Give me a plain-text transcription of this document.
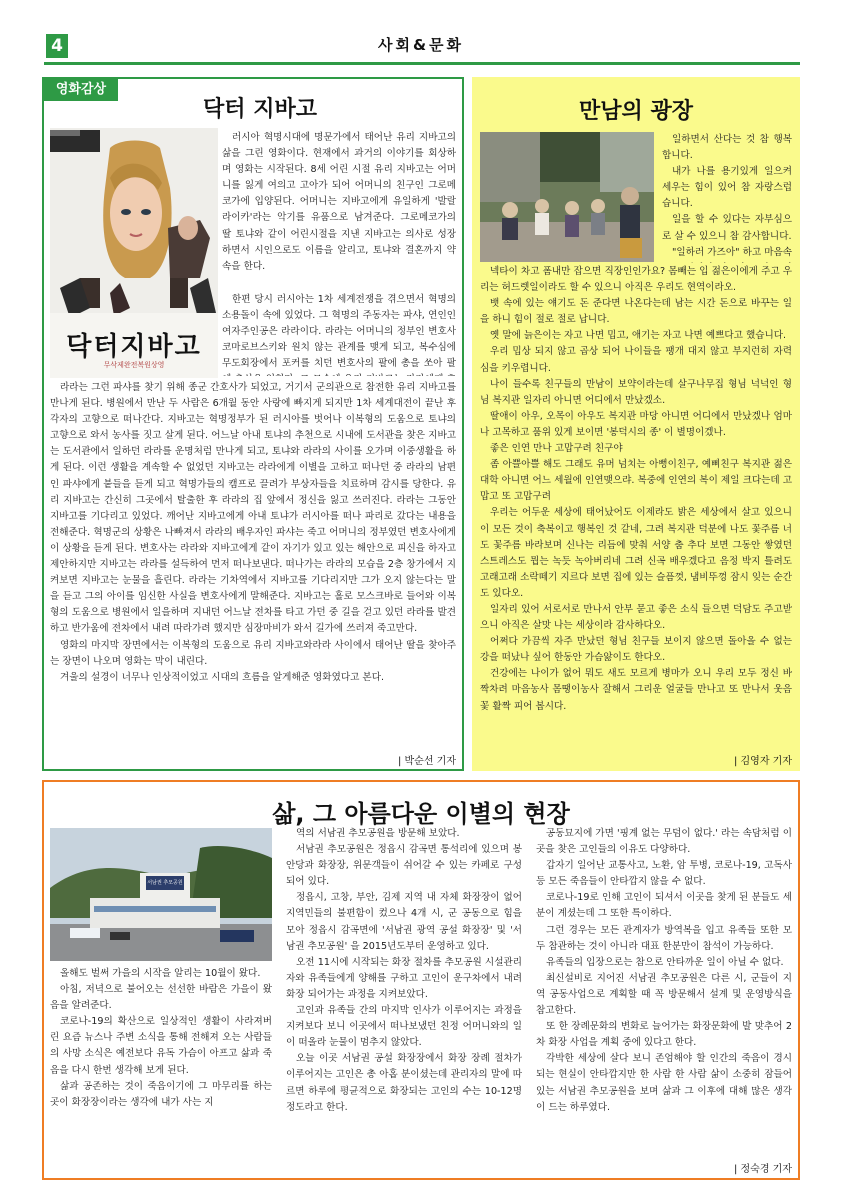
4	사회&문화
영화감상
닥터 지바고
닥터지바고
무삭제완전복원상영

러시아 혁명시대에 명문가에서 태어난 유리 지바고의 삶을 그린 영화이다. 현재에서 과거의 이야기를 회상하며 영화는 시작된다. 8세 어린 시절 유리 지바고는 어머니를 잃게 여의고 고아가 되어 어머니의 친구인 그로메코가에 입양된다. 어머니는 지바고에게 유일하게 '발랄라이카'라는 악기를 유품으로 남겨준다. 그로메코가의 딸 토냐와 같이 어린시절을 지낸 지바고는 의사로 성장하면서 시인으로도 이름을 알리고, 토냐와 결혼까지 약속을 한다.

한편 당시 러시아는 1차 세계전쟁을 겪으면서 혁명의 소용돌이 속에 있었다. 그 혁명의 주동자는 파샤, 연인인 여자주인공은 라라이다. 라라는 어머니의 정부인 변호사 코마로브스키와 원치 않는 관계를 맺게 되고, 복수심에 무도회장에서 포커를 치던 변호사의 팔에 총을 쏘아 팔

라라는 그런 파샤를 찾기 위해 종군 간호사가 되었고, 거기서 군의관으로 참전한 유리 지바고를 만나게 된다. 병원에서 만난 두 사람은 6개월 동안 사랑에 빠지게 되지만 1차 세계대전이 끝난 후 각자의 고향으로 떠나간다. 지바고는 혁명정부가 된 러시아를 벗어나 이복형의 도움으로 토냐의 고향으로 와서 농사를 짓고 살게 된다. 어느날 아내 토냐의 추천으로 시내에 도서관을 찾은 지바고는 도서관에서 일하던 라라를 운명처럼 만나게 되고, 토냐와 라라의 사이를 오가며 이중생활을 하게 된다. 이런 생활을 계속할 수 없었던 지바고는 라라에게 이별을 고하고 떠나던 중 라라의 남편인 파샤에게 붙들을 듣게 되고 혁명가들의 캠프로 끌려가 부상자들을 치료하며 감시를 당한다. 유리 지바고는 간신히 그곳에서 탈출한 후 라라의 집 앞에서 정신을 잃고 쓰러진다. 라라는 그동안 지바고를 기다리고 있었다. 깨어난 지바고에게 아내 토냐가 러시아를 떠나 파리로 갔다는 내용을 전해준다. 혁명군의 상황은 나빠져서 라라의 배우자인 파샤는 죽고 어머니의 정부였던 변호사에게 이 상황을 듣게 된다. 변호사는 라라와 지바고에게 같이 자기가 있고 있는 해안으로 피신을 하자고 제안하지만 지바고는 라라를 설득하여 먼저 떠나보낸다. 떠나가는 라라의 모습을 2층 창가에서 지켜보면 지바고는 눈물을 흘린다. 라라는 기차역에서 지바고를 기다리지만 그가 오지 않는다는 말을 듣고 그의 아이를 임신한 사실을 변호사에게 말해준다. 지바고는 홀로 모스크바로 들어와 이복형의 도움으로 병원에서 일을하며 지내던 어느날 전차를 타고 가던 중 길을 걷고 있던 라라를 발견하고 반가움에 전차에서 내려 따라가려 했지만 심장마비가 와서 길가에 쓰러져 죽고만다.

영화의 마지막 장면에서는 이복형의 도움으로 유리 지바고와라라 사이에서 태어난 딸을 찾아주는 장면이 나오며 영화는 막이 내린다.

겨울의 설경이 너무나 인상적이었고 시대의 흐름을 알게해준 영화였다고 본다.

| 박순선 기자
만남의 광장

일하면서 산다는 것 참 행복합니다.

내가 나를 용기있게 일으켜 세우는 힘이 있어 참 자랑스럽습니다.

일을 할 수 있다는 자부심으로 살 수 있으니 참 감사합니다.

"일하러 가즈아" 하고 마음속

넥타이 차고 폼내만 잡으면 직장인인가요? 몸빼는 입 젊은이에게 주고 우리는 허드렛일이라도 할 수 있으니 아직은 우리도 현역이라오.

뱃 속에 있는 얘기도 돈 준다면 나온다는데 남는 시간 돈으로 바꾸는 일을 하니 힘이 절로 절로 납니다.

옛 말에 늙은이는 자고 나면 밉고, 애기는 자고 나면 예쁘다고 했습니다.

우리 밉상 되지 않고 곱상 되어 나이들을 팽개 대지 않고 부지런히 자력심을 키우렵니다.

나이 들수록 친구들의 만남이 보약이라는데 살구나무집 형님 넉넉인 형님 복지관 일자리 아니면 어디에서 만났겠소.

딸애이 아우, 오목이 아우도 복지관 마당 아니면 어디에서 만났겠나 엄마나 고목하고 품위 있게 보이면 '봉덕시의 종' 이 별명이겠나.

좋은 인연 만나 고맙구려 친구야

좀 아쁠아쁠 해도 그래도 유머 넘치는 아뻥이친구, 예삐친구 복지관 젊은 대학 아니면 어느 세월에 인연맺으랴. 복중에 인연의 복이 제일 크다는데 고맙고 또 고맙구려

우리는 어두운 세상에 태어났어도 이제라도 밝은 세상에서 살고 있으니 이 모든 것이 축복이고 행복인 것 같네, 그려 복지관 덕분에 나도 꽃주름 너도 꽃주름 바라보며 신나는 리듬에 맞춰 서양 춤 추다 보면 그동안 쌓였던 스트레스도 뭡는 녹듯 녹아버리네 그려 신곡 배우겠다고 음정 박지 틀려도 고래고래 소락떼기 지르다 보면 집에 있는 슬픔껏, 냄비뚜껑 잠시 잊는 순간도 있다오.

일자리 있어 서로서로 만나서 안부 묻고 좋은 소식 들으면 덕담도 주고받으니 아직은 살맛 나는 세상이라 감사하다오.

어쩌다 가끔씩 자주 만났던 형님 친구들 보이지 않으면 돌아올 수 없는 강을 떠났나 싶어 한동안 가슴앓이도 한다오.

건강에는 나이가 없어 뭐도 새도 모르게 병마가 오니 우리 모두 정신 바짝차려 마음농사 몸땡이농사 잘해서 그리운 얼굴들 만나고 또 만나서 웃음꽃 활짝 피어 봅시다.

| 김영자 기자
삶, 그 아름다운 이별의 현장
서남권 추모공원

올해도 벌써 가을의 시작을 알리는 10월이 왔다.

아침, 저녁으로 불어오는 선선한 바람은 가을이 왔음을 알려준다.

코로나-19의 확산으로 일상적인 생활이 사라져버린 요즘 뉴스나 주변 소식을 통해 전해져 오는 사람들의 사망 소식은 예전보다 유독 가슴이 아프고 삶과 죽음을 다시 한번 생각해 보게 된다.

삶과 공존하는 것이 죽음이기에 그 마무리를 하는 곳이 화장장이라는 생각에 내가 사는 지

역의 서남권 추모공원을 방문해 보았다.

서남권 추모공원은 정읍시 감곡면 통석리에 있으며 봉안당과 화장장, 위문객들이 쉬어갈 수 있는 카페로 구성되어 있다.

정읍시, 고창, 부안, 김제 지역 내 자체 화장장이 없어 지역민들의 불편함이 컸으나 4개 시, 군 공동으로 힘을 모아 정읍시 감곡면에 '서남권 광역 공설 화장장' 및 '서남권 추모공원' 을 2015년도부터 운영하고 있다.

오전 11시에 시작되는 화장 절차를 추모공원 시설관리자와 유족들에게 양해를 구하고 고인이 운구차에서 내려 화장 되어가는 과정을 지켜보았다.

고인과 유족들 간의 마지막 인사가 이루어지는 과정을 지켜보다 보니 이곳에서 떠나보냈던 친정 어머니와의 일이 떠올라 눈물이 멈추지 않았다.

오늘 이곳 서남권 공설 화장장에서 화장 장례 절차가 이루어지는 고인은 총 아홉 분이셨는데 관리자의 말에 따르면 하루에 평균적으로 화장되는 고인의 수는 10-12명 정도라고 한다.

공동묘지에 가면 '핑계 없는 무덤이 없다.' 라는 속담처럼 이곳을 찾은 고인들의 이유도 다양하다.

갑자기 일어난 교통사고, 노환, 암 투병, 코로나-19, 고독사 등 모든 죽음들이 안타깝지 않을 수 없다.

코로나-19로 인해 고인이 되셔서 이곳을 찾게 된 분들도 세 분이 계셨는데 그 또한 특이하다.

그런 경우는 모든 관계자가 방역복을 입고 유족들 또한 모두 참관하는 것이 아니라 대표 한분만이 참석이 가능하다.

유족들의 입장으로는 참으로 안타까운 일이 아닐 수 없다.

최신설비로 지어진 서남권 추모공원은 다른 시, 군들이 지역 공동사업으로 계획할 때 꼭 방문해서 설계 및 운영방식을 참고한다.

또 한 장례문화의 변화로 늘어가는 화장문화에 발 맞추어 2차 화장 사업을 계획 중에 있다고 한다.

각박한 세상에 살다 보니 존엄해야 할 인간의 죽음이 경시되는 현실이 안타깝지만 한 사람 한 사람 삶이 소중히 잠들어 있는 서남권 추모공원을 보며 삶과 그 이후에 대해 많은 생각이 드는 하루였다.

| 정숙경 기자
